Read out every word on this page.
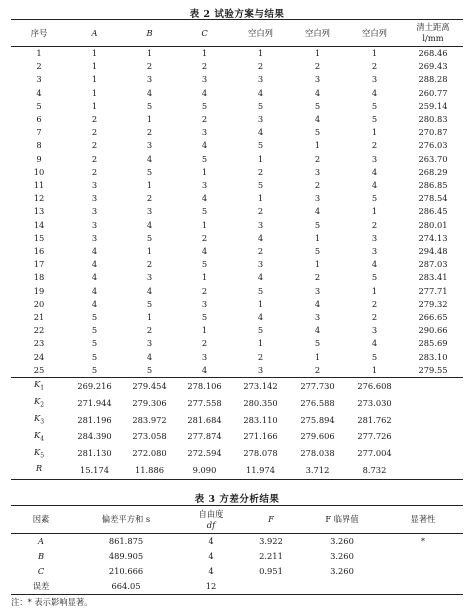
表 2 试验方案与结果
序号	A	B	C	空白列	空白列	空白列	清土距离
l/mm

1	1	1	1	1	1	1	268.46
2	1	2	2	2	2	2	269.43
3	1	3	3	3	3	3	288.28
4	1	4	4	4	4	4	260.77
5	1	5	5	5	5	5	259.14
6	2	1	2	3	4	5	280.83
7	2	2	3	4	5	1	270.87
8	2	3	4	5	1	2	276.03
9	2	4	5	1	2	3	263.70
10	2	5	1	2	3	4	268.29
11	3	1	3	5	2	4	286.85
12	3	2	4	1	3	5	278.54
13	3	3	5	2	4	1	286.45
14	3	4	1	3	5	2	280.01
15	3	5	2	4	1	3	274.13
16	4	1	4	2	5	3	294.48
17	4	2	5	3	1	4	287.03
18	4	3	1	4	2	5	283.41
19	4	4	2	5	3	1	277.71
20	4	5	3	1	4	2	279.32
21	5	1	5	4	3	2	266.65
22	5	2	1	5	4	3	290.66
23	5	3	2	1	5	4	285.69
24	5	4	3	2	1	5	283.10
25	5	5	4	3	2	1	279.55
$K_1$	269.216	279.454	278.106	273.142	277.730	276.608	
$K_2$	271.944	279.306	277.558	280.350	276.588	273.030	
$K_3$	281.196	283.972	281.684	283.110	275.894	281.762	
$K_4$	284.390	273.058	277.874	271.166	279.606	277.726	
$K_5$	281.130	272.080	272.594	278.078	278.038	277.004	
R	15.174	11.886	9.090	11.974	3.712	8.732	
表 3 方差分析结果
因素	偏差平方和 s	自由度
df	F	F 临界值	显著性
A	861.875	4	3.922	3.260	*
B	489.905	4	2.211	3.260	
C	210.666	4	0.951	3.260	
误差	664.05	12			
注：* 表示影响显著。
